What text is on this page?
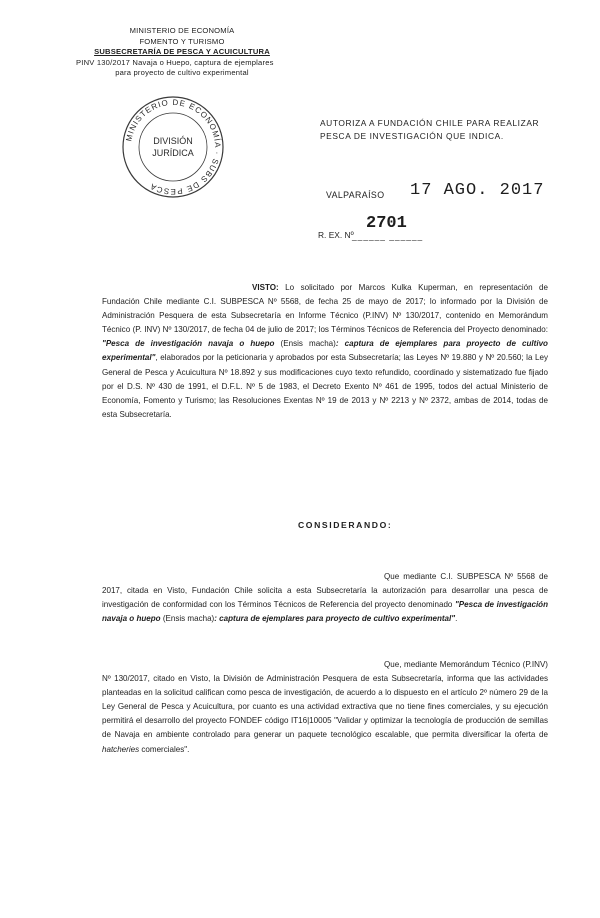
MINISTERIO DE ECONOMÍA
FOMENTO Y TURISMO
SUBSECRETARÍA DE PESCA Y ACUICULTURA
PINV 130/2017 Navaja o Huepo, captura de ejemplares
para proyecto de cultivo experimental
MINISTERIO DE ECONOMÍA · SUBS DE PESCA
DIVISIÓN
JURÍDICA
AUTORIZA A FUNDACIÓN CHILE PARA REALIZAR
PESCA DE INVESTIGACIÓN QUE INDICA.
VALPARAÍSO 17 AGO. 2017
R. EX. Nº
2701
______ ______
VISTO: Lo solicitado por Marcos Kulka Kuperman, en representación de Fundación Chile mediante C.I. SUBPESCA Nº 5568, de fecha 25 de mayo de 2017; lo informado por la División de Administración Pesquera de esta Subsecretaría en Informe Técnico (P.INV) Nº 130/2017, contenido en Memorándum Técnico (P. INV) Nº 130/2017, de fecha 04 de julio de 2017; los Términos Técnicos de Referencia del Proyecto denominado: "Pesca de investigación navaja o huepo (Ensis macha): captura de ejemplares para proyecto de cultivo experimental", elaborados por la peticionaria y aprobados por esta Subsecretaría; las Leyes Nº 19.880 y Nº 20.560; la Ley General de Pesca y Acuicultura Nº 18.892 y sus modificaciones cuyo texto refundido, coordinado y sistematizado fue fijado por el D.S. Nº 430 de 1991, el D.F.L. Nº 5 de 1983, el Decreto Exento Nº 461 de 1995, todos del actual Ministerio de Economía, Fomento y Turismo; las Resoluciones Exentas Nº 19 de 2013 y Nº 2213 y Nº 2372, ambas de 2014, todas de esta Subsecretaría.
CONSIDERANDO:
Que mediante C.I. SUBPESCA Nº 5568 de 2017, citada en Visto, Fundación Chile solicita a esta Subsecretaría la autorización para desarrollar una pesca de investigación de conformidad con los Términos Técnicos de Referencia del proyecto denominado "Pesca de investigación navaja o huepo (Ensis macha): captura de ejemplares para proyecto de cultivo experimental".
Que, mediante Memorándum Técnico (P.INV) Nº 130/2017, citado en Visto, la División de Administración Pesquera de esta Subsecretaría, informa que las actividades planteadas en la solicitud califican como pesca de investigación, de acuerdo a lo dispuesto en el artículo 2º número 29 de la Ley General de Pesca y Acuicultura, por cuanto es una actividad extractiva que no tiene fines comerciales, y su ejecución permitirá el desarrollo del proyecto FONDEF código IT16|10005 "Validar y optimizar la tecnología de producción de semillas de Navaja en ambiente controlado para generar un paquete tecnológico escalable, que permita diversificar la oferta de hatcheries comerciales".
